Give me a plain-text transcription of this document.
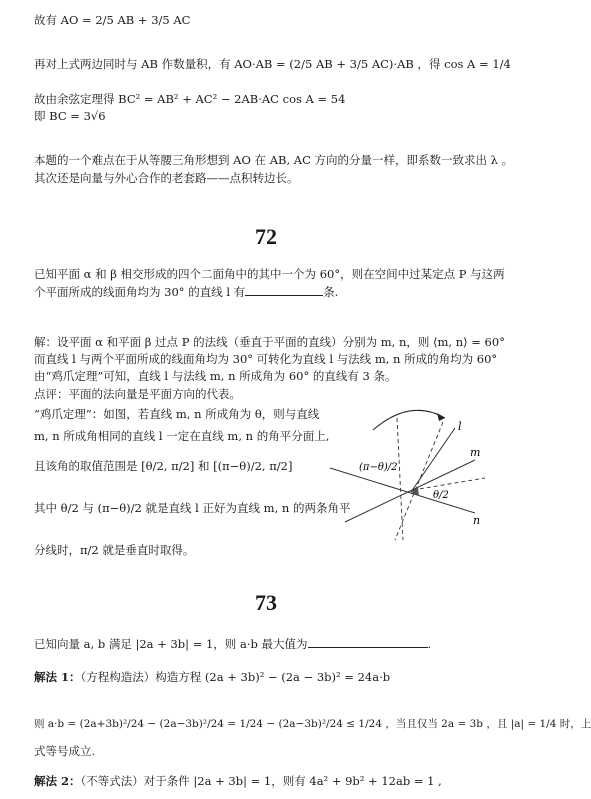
故有 AO = 2/5 AB + 3/5 AC
再对上式两边同时与 AB 作数量积，有 AO·AB = (2/5 AB + 3/5 AC)·AB ，得 cos A = 1/4
故由余弦定理得 BC² = AB² + AC² − 2AB·AC cos A = 54
即 BC = 3√6
本题的一个难点在于从等腰三角形想到 AO 在 AB, AC 方向的分量一样，即系数一致求出 λ 。
其次还是向量与外心合作的老套路——点积转边长。
72
已知平面 α 和 β 相交形成的四个二面角中的其中一个为 60°，则在空间中过某定点 P 与这两
个平面所成的线面角均为 30° 的直线 l 有	条.
解：设平面 α 和平面 β 过点 P 的法线（垂直于平面的直线）分别为 m, n，则 ⟨m, n⟩ = 60°
而直线 l 与两个平面所成的线面角均为 30° 可转化为直线 l 与法线 m, n 所成的角均为 60°
由“鸡爪定理”可知，直线 l 与法线 m, n 所成角为 60° 的直线有 3 条。
点评：平面的法向量是平面方向的代表。
“鸡爪定理”：如图，若直线 m, n 所成角为 θ，则与直线
m, n 所成角相同的直线 l 一定在直线 m, n 的角平分面上,
且该角的取值范围是 [θ/2, π/2] 和 [(π−θ)/2, π/2]
其中 θ/2 与 (π−θ)/2 就是直线 l 正好为直线 m, n 的两条角平
分线时，π/2 就是垂直时取得。
l
m
n
θ/2
(π−θ)/2
73
已知向量 a, b 满足 |2a + 3b| = 1，则 a·b 最大值为	.
解法 1：（方程构造法）构造方程 (2a + 3b)² − (2a − 3b)² = 24a·b
则 a·b = (2a+3b)²/24 − (2a−3b)²/24 = 1/24 − (2a−3b)²/24 ≤ 1/24 ，当且仅当 2a = 3b ，且 |a| = 1/4 时，上
式等号成立.
解法 2：（不等式法）对于条件 |2a + 3b| = 1，则有 4a² + 9b² + 12ab = 1 ,
